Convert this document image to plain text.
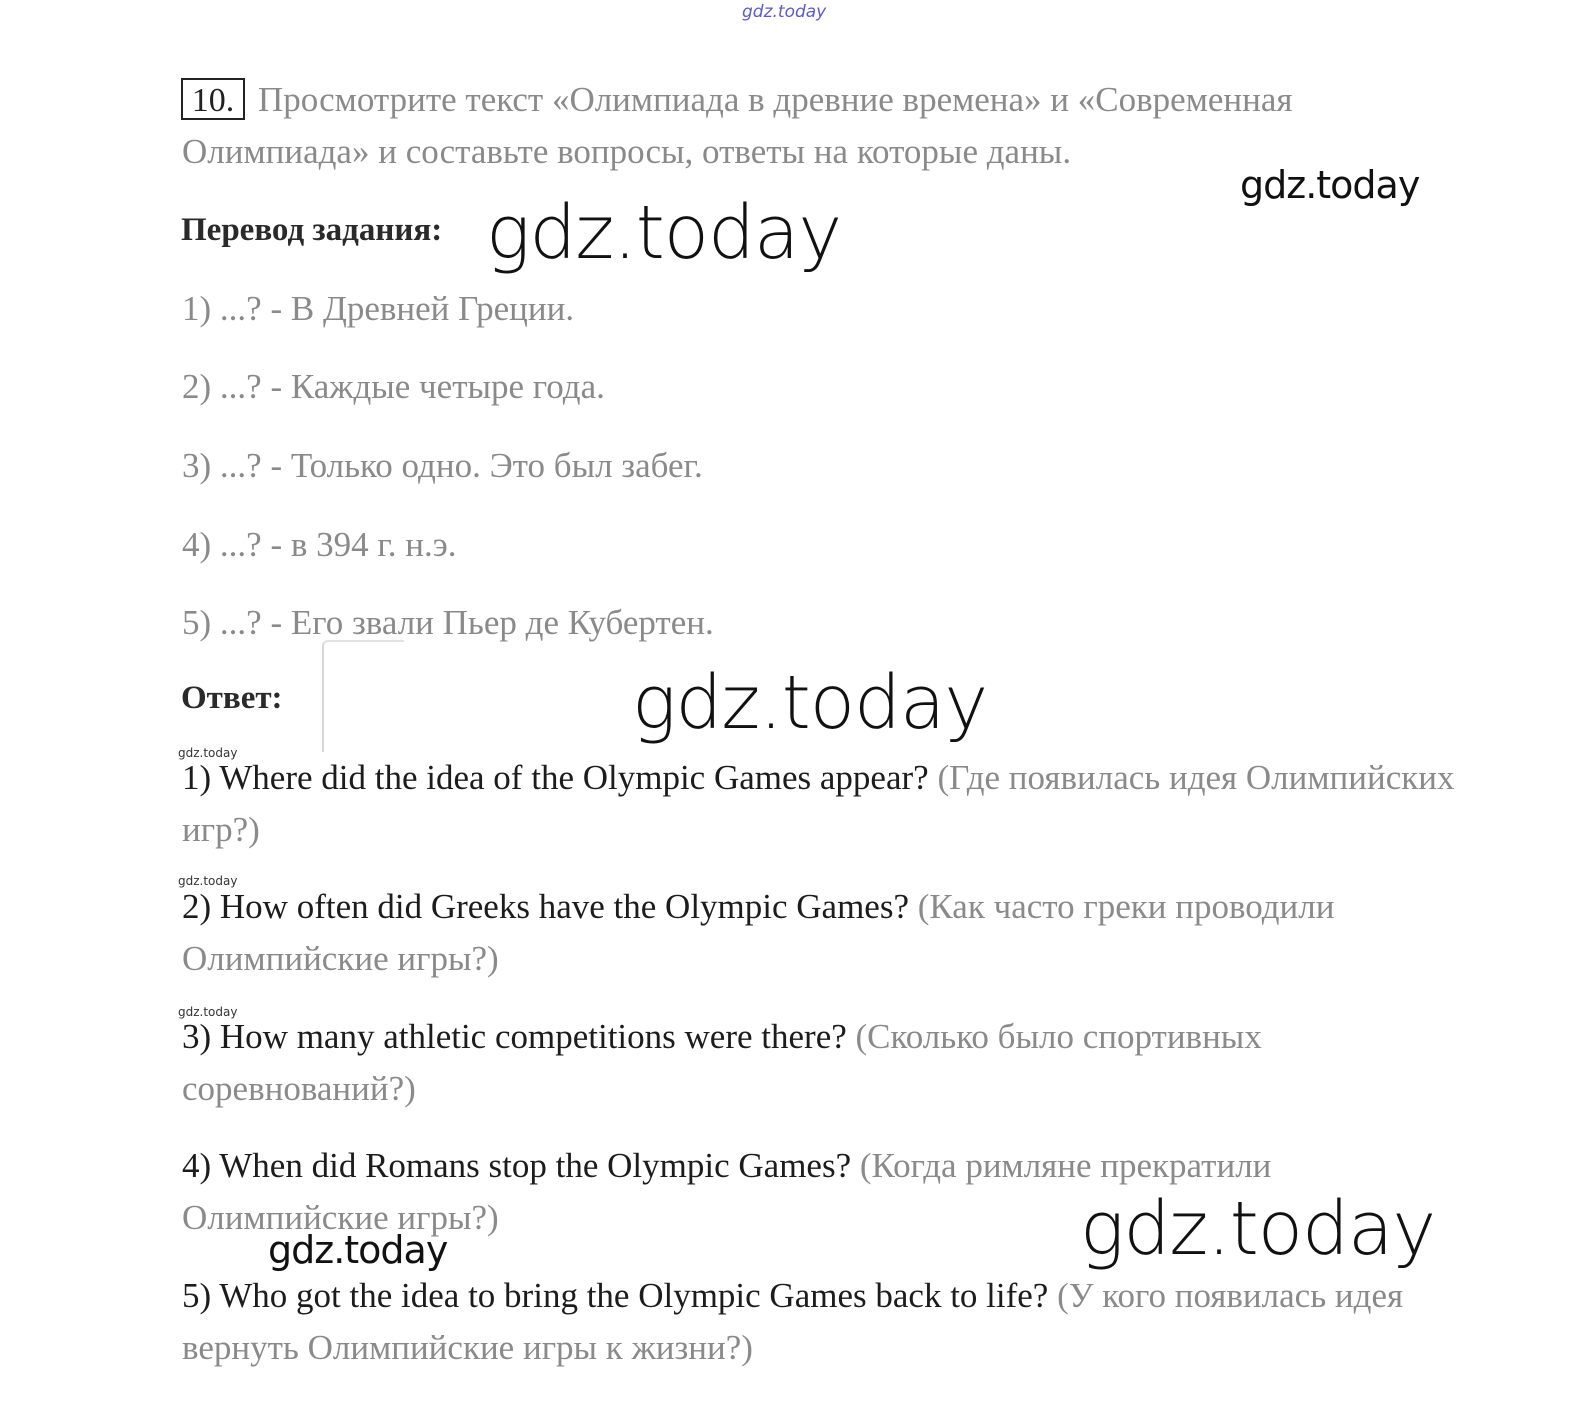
gdz.today
10. Просмотрите текст «Олимпиада в древние времена» и «Современная
Олимпиада» и составьте вопросы, ответы на которые даны.
gdz.today
Перевод задания: gdz.today
1) ...? - В Древней Греции.
2) ...? - Каждые четыре года.
3) ...? - Только одно. Это был забег.
4) ...? - в 394 г. н.э.
5) ...? - Его звали Пьер де Кубертен.
Ответ:	gdz.today
gdz.today
1) Where did the idea of the Olympic Games appear? (Где появилась идея Олимпийских игр?)
gdz.today
2) How often did Greeks have the Olympic Games? (Как часто греки проводили Олимпийские игры?)
gdz.today
3) How many athletic competitions were there? (Сколько было спортивных соревнований?)
4) When did Romans stop the Olympic Games? (Когда римляне прекратили Олимпийские игры?)
gdz.today	gdz.today
5) Who got the idea to bring the Olympic Games back to life? (У кого появилась идея вернуть Олимпийские игры к жизни?)
